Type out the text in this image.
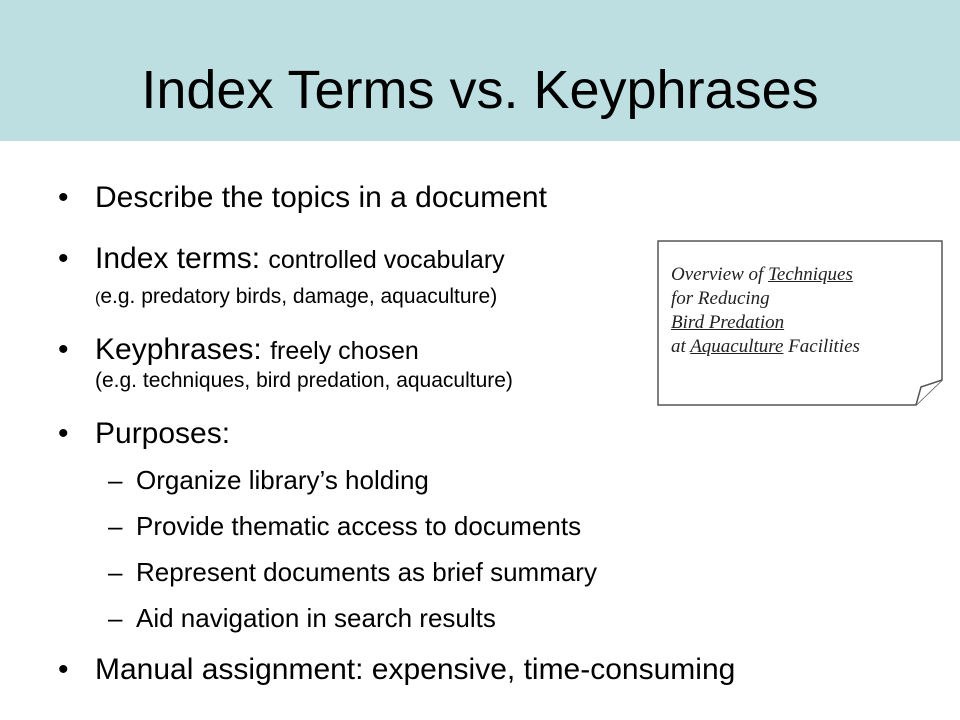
Index Terms vs. Keyphrases
• Describe the topics in a document
• Index terms: controlled vocabulary
(e.g. predatory birds, damage, aquaculture)
• Keyphrases: freely chosen
(e.g. techniques, bird predation, aquaculture)
• Purposes:
– Organize library’s holding
– Provide thematic access to documents
– Represent documents as brief summary
– Aid navigation in search results
• Manual assignment: expensive, time-consuming
Overview of Techniques
for Reducing
Bird Predation
at Aquaculture Facilities
